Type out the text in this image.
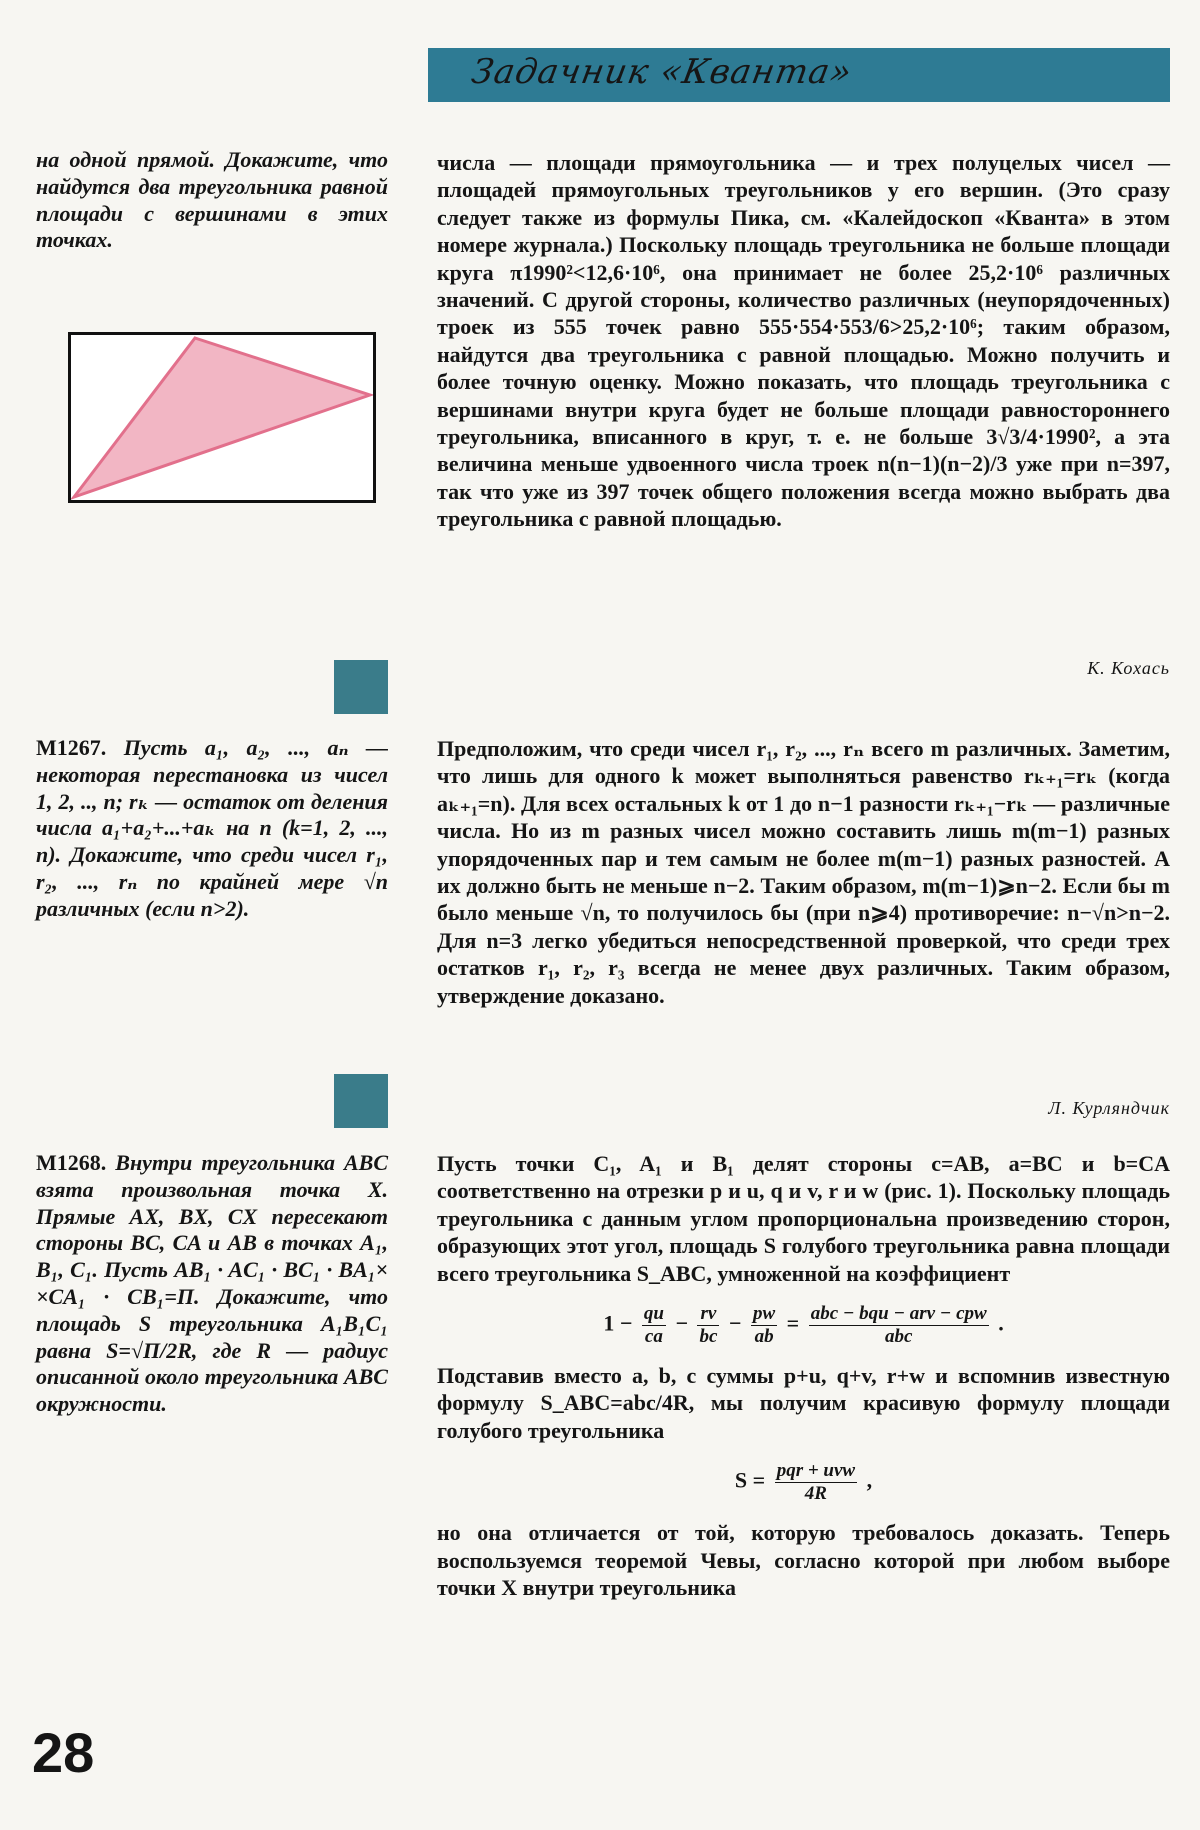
Задачник «Кванта»
на одной прямой. Докажите, что найдутся два треугольника равной площади с вершинами в этих точках.
числа — площади прямоугольника — и трех полуцелых чисел — площадей прямоугольных треугольников у его вершин. (Это сразу следует также из формулы Пика, см. «Калейдоскоп «Кванта» в этом номере журнала.) Поскольку площадь треугольника не больше площади круга π1990²<12,6·10⁶, она принимает не более 25,2·10⁶ различных значений. С другой стороны, количество различных (неупорядоченных) троек из 555 точек равно 555·554·553/6>25,2·10⁶; таким образом, найдутся два треугольника с равной площадью. Можно получить и более точную оценку. Можно показать, что площадь треугольника с вершинами внутри круга будет не больше площади равностороннего треугольника, вписанного в круг, т. е. не больше 3√3/4·1990², а эта величина меньше удвоенного числа троек n(n−1)(n−2)/3 уже при n=397, так что уже из 397 точек общего положения всегда можно выбрать два треугольника с равной площадью.
К. Кохась
М1267. Пусть a₁, a₂, ..., aₙ — некоторая перестановка из чисел 1, 2, .., n; rₖ — остаток от деления числа a₁+a₂+...+aₖ на n (k=1, 2, ..., n). Докажите, что среди чисел r₁, r₂, ..., rₙ по крайней мере √n различных (если n>2).
Предположим, что среди чисел r₁, r₂, ..., rₙ всего m различных. Заметим, что лишь для одного k может выполняться равенство rₖ₊₁=rₖ (когда aₖ₊₁=n). Для всех остальных k от 1 до n−1 разности rₖ₊₁−rₖ — различные числа. Но из m разных чисел можно составить лишь m(m−1) разных упорядоченных пар и тем самым не более m(m−1) разных разностей. А их должно быть не меньше n−2. Таким образом, m(m−1)⩾n−2. Если бы m было меньше √n, то получилось бы (при n⩾4) противоречие: n−√n>n−2. Для n=3 легко убедиться непосредственной проверкой, что среди трех остатков r₁, r₂, r₃ всегда не менее двух различных. Таким образом, утверждение доказано.
Л. Курляндчик
М1268. Внутри треугольника ABC взята произвольная точка X. Прямые AX, BX, CX пересекают стороны BC, CA и AB в точках A₁, B₁, C₁. Пусть AB₁ · AC₁ · BC₁ · BA₁× ×CA₁ · CB₁=П. Докажите, что площадь S треугольника A₁B₁C₁ равна S=√П/2R, где R — радиус описанной около треугольника ABC окружности.

Пусть точки C₁, A₁ и B₁ делят стороны c=AB, a=BC и b=CA соответственно на отрезки p и u, q и v, r и w (рис. 1). Поскольку площадь треугольника с данным углом пропорциональна произведению сторон, образующих этот угол, площадь S голубого треугольника равна площади всего треугольника S_ABC, умноженной на коэффициент

$1 - \frac{qu}{ca} - \frac{rv}{bc} - \frac{pw}{ab} = \frac{\text{abc − bqu − arv − cpw}}{\text{abc}}$ .

Подставив вместо a, b, c суммы p+u, q+v, r+w и вспомнив известную формулу S_ABC=abc/4R, мы получим красивую формулу площади голубого треугольника

$S = \frac{\text{pqr + uvw}}{4R}$ ,

но она отличается от той, которую требовалось доказать. Теперь воспользуемся теоремой Чевы, согласно которой при любом выборе точки X внутри треугольника

28
